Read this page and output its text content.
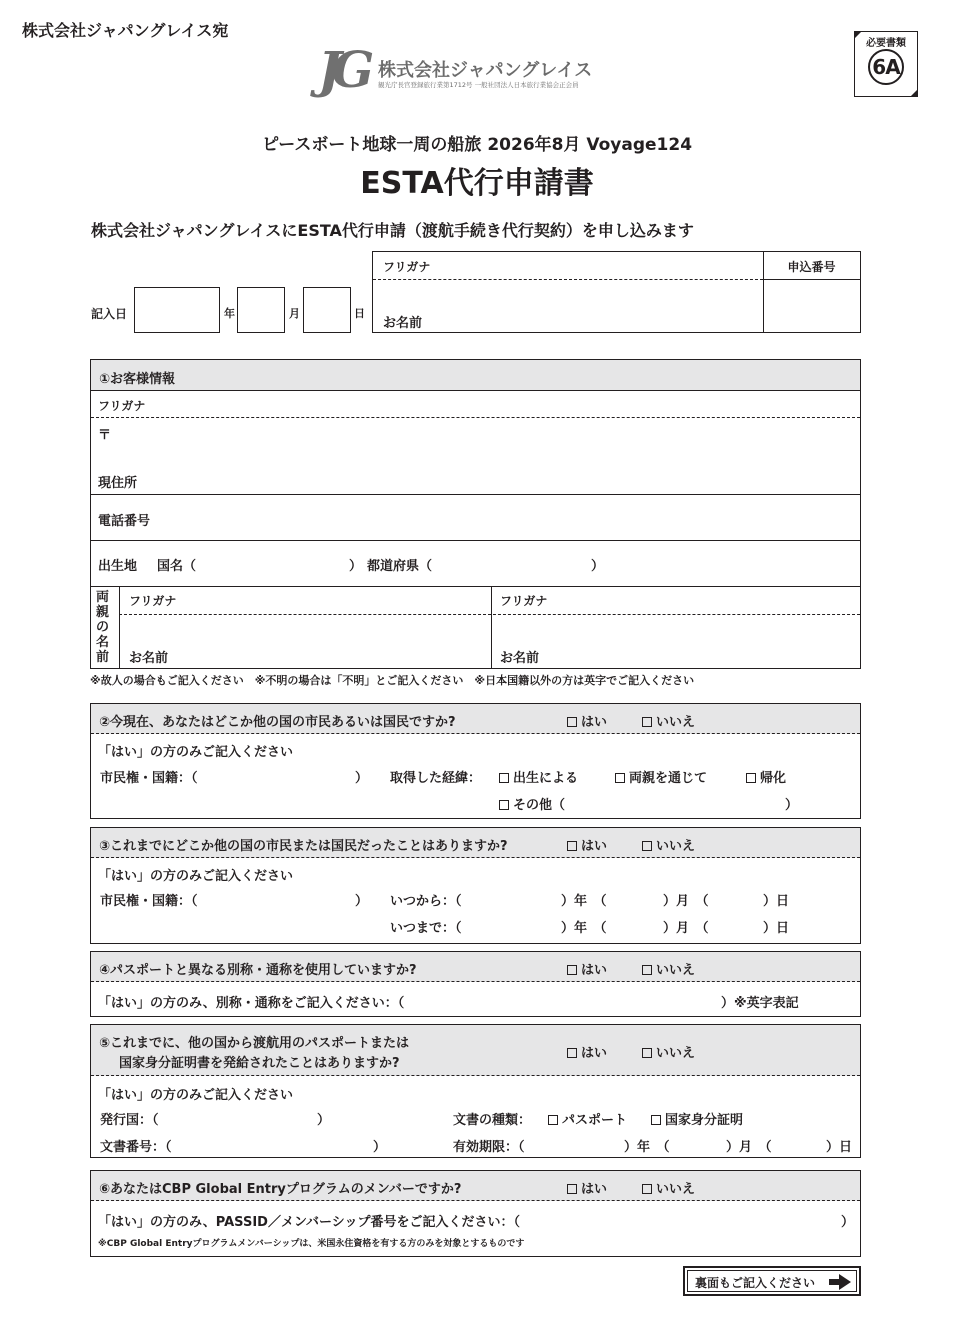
株式会社ジャパングレイス宛
JG 株式会社ジャパングレイス
観光庁長官登録旅行業第1712号 一般社団法人日本旅行業協会正会員
必要書類
6A
ピースボート地球一周の船旅 2026年8月 Voyage124
ESTA代行申請書
株式会社ジャパングレイスにESTA代行申請（渡航手続き代行契約）を申し込みます
記入日	年	月	日
フリガナ
お名前
申込番号
①お客様情報
フリガナ
〒
現住所
電話番号
出生地 国名（	） 都道府県（	）
両親の名前
フリガナ
お名前
フリガナ
お名前
※故人の場合もご記入ください　※不明の場合は「不明」とご記入ください　※日本国籍以外の方は英字でご記入ください
②今現在、あなたはどこか他の国の市民あるいは国民ですか?	はい	いいえ
「はい」の方のみご記入ください
市民権・国籍：（	） 取得した経緯：	出生による	両親を通じて	帰化
その他（	）
③これまでにどこか他の国の市民または国民だったことはありますか?	はい	いいえ
「はい」の方のみご記入ください
市民権・国籍：（	） いつから：（	）年　（	）月　（	）日
いつまで：（	）年　（	）月　（	）日
④パスポートと異なる別称・通称を使用していますか?	はい	いいえ
「はい」の方のみ、別称・通称をご記入ください：（	）※英字表記
⑤これまでに、他の国から渡航用のパスポートまたは
国家身分証明書を発給されたことはありますか?
はい	いいえ
「はい」の方のみご記入ください
発行国：（	）	文書の種類：	パスポート	国家身分証明
文書番号：（	）	有効期限：（	）年　（	）月　（	）日
⑥あなたはCBP Global Entryプログラムのメンバーですか?	はい	いいえ
「はい」の方のみ、PASSID／メンバーシップ番号をご記入ください：（	）
※CBP Global Entryプログラムメンバーシップは、米国永住資格を有する方のみを対象とするものです
裏面もご記入ください
